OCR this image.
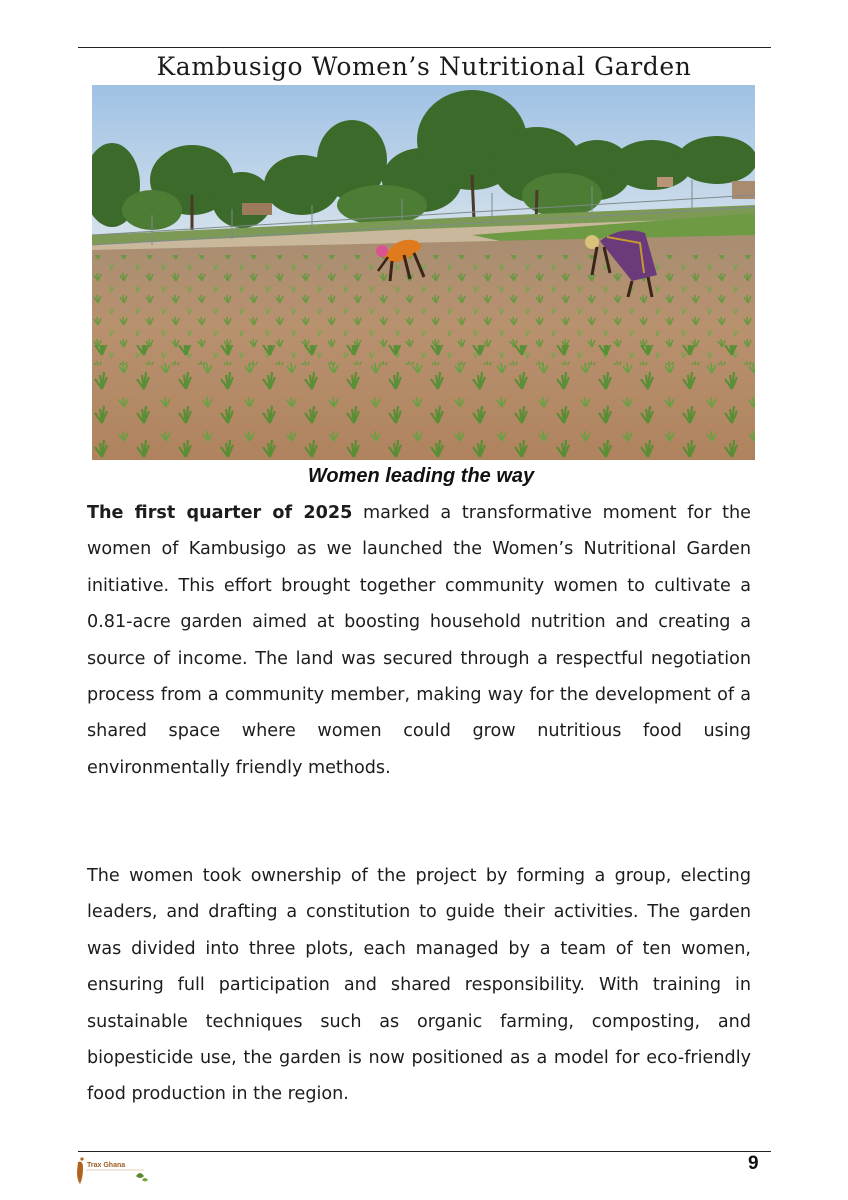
Kambusigo Women’s Nutritional Garden
Women leading the way

The first quarter of 2025 marked a transformative moment for the women of Kambusigo as we launched the Women’s Nutritional Garden initiative. This effort brought together community women to cultivate a 0.81-acre garden aimed at boosting household nutrition and creating a source of income. The land was secured through a respectful negotiation process from a community member, making way for the development of a shared space where women could grow nutritious food using environmentally friendly methods.

The women took ownership of the project by forming a group, electing leaders, and drafting a constitution to guide their activities. The garden was divided into three plots, each managed by a team of ten women, ensuring full participation and shared responsibility. With training in sustainable techniques such as organic farming, composting, and biopesticide use, the garden is now positioned as a model for eco-friendly food production in the region.

Trax Ghana	9
